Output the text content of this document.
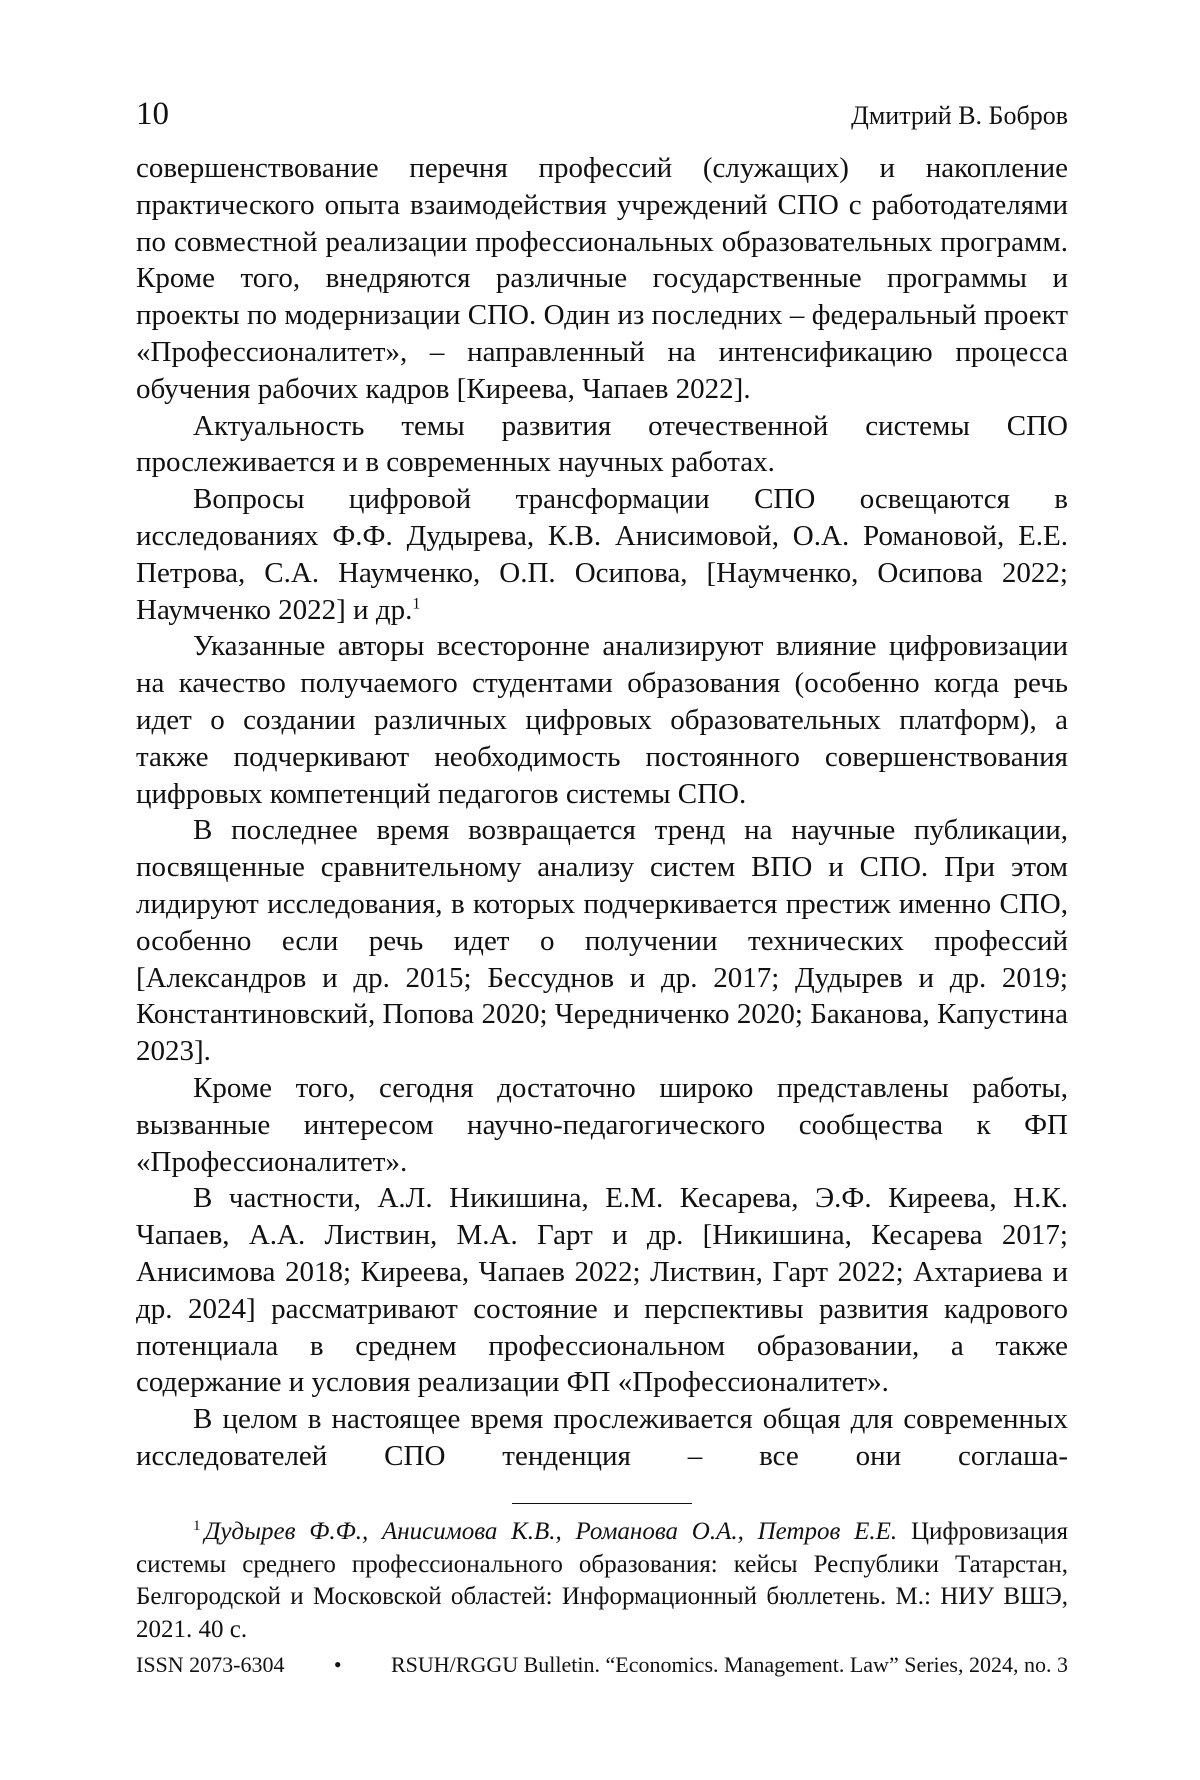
10	Дмитрий В. Бобров

совершенствование перечня профессий (служащих) и накопление практического опыта взаимодействия учреждений СПО с работодателями по совместной реализации профессиональных образовательных программ. Кроме того, внедряются различные государственные программы и проекты по модернизации СПО. Один из последних – федеральный проект «Профессионалитет», – направленный на интенсификацию процесса обучения рабочих кадров [Киреева, Чапаев 2022].

Актуальность темы развития отечественной системы СПО прослеживается и в современных научных работах.

Вопросы цифровой трансформации СПО освещаются в исследованиях Ф.Ф. Дудырева, К.В. Анисимовой, О.А. Романовой, Е.Е. Петрова, С.А. Наумченко, О.П. Осипова, [Наумченко, Осипова 2022; Наумченко 2022] и др.$^1$

Указанные авторы всесторонне анализируют влияние цифровизации на качество получаемого студентами образования (особенно когда речь идет о создании различных цифровых образовательных платформ), а также подчеркивают необходимость постоянного совершенствования цифровых компетенций педагогов системы СПО.

В последнее время возвращается тренд на научные публикации, посвященные сравнительному анализу систем ВПО и СПО. При этом лидируют исследования, в которых подчеркивается престиж именно СПО, особенно если речь идет о получении технических профессий [Александров и др. 2015; Бессуднов и др. 2017; Дудырев и др. 2019; Константиновский, Попова 2020; Чередниченко 2020; Баканова, Капустина 2023].

Кроме того, сегодня достаточно широко представлены работы, вызванные интересом научно-педагогического сообщества к ФП «Профессионалитет».

В частности, А.Л. Никишина, Е.М. Кесарева, Э.Ф. Киреева, Н.К. Чапаев, А.А. Листвин, М.А. Гарт и др. [Никишина, Кесарева 2017; Анисимова 2018; Киреева, Чапаев 2022; Листвин, Гарт 2022; Ахтариева и др. 2024] рассматривают состояние и перспективы развития кадрового потенциала в среднем профессиональном образовании, а также содержание и условия реализации ФП «Профессионалитет».

В целом в настоящее время прослеживается общая для современных исследователей СПО тенденция – все они соглаша-

$^1$ Дудырев Ф.Ф., Анисимова К.В., Романова О.А., Петров Е.Е. Цифровизация системы среднего профессионального образования: кейсы Республики Татарстан, Белгородской и Московской областей: Информационный бюллетень. М.: НИУ ВШЭ, 2021. 40 с.

ISSN 2073-6304 • RSUH/RGGU Bulletin. “Economics. Management. Law” Series, 2024, no. 3
